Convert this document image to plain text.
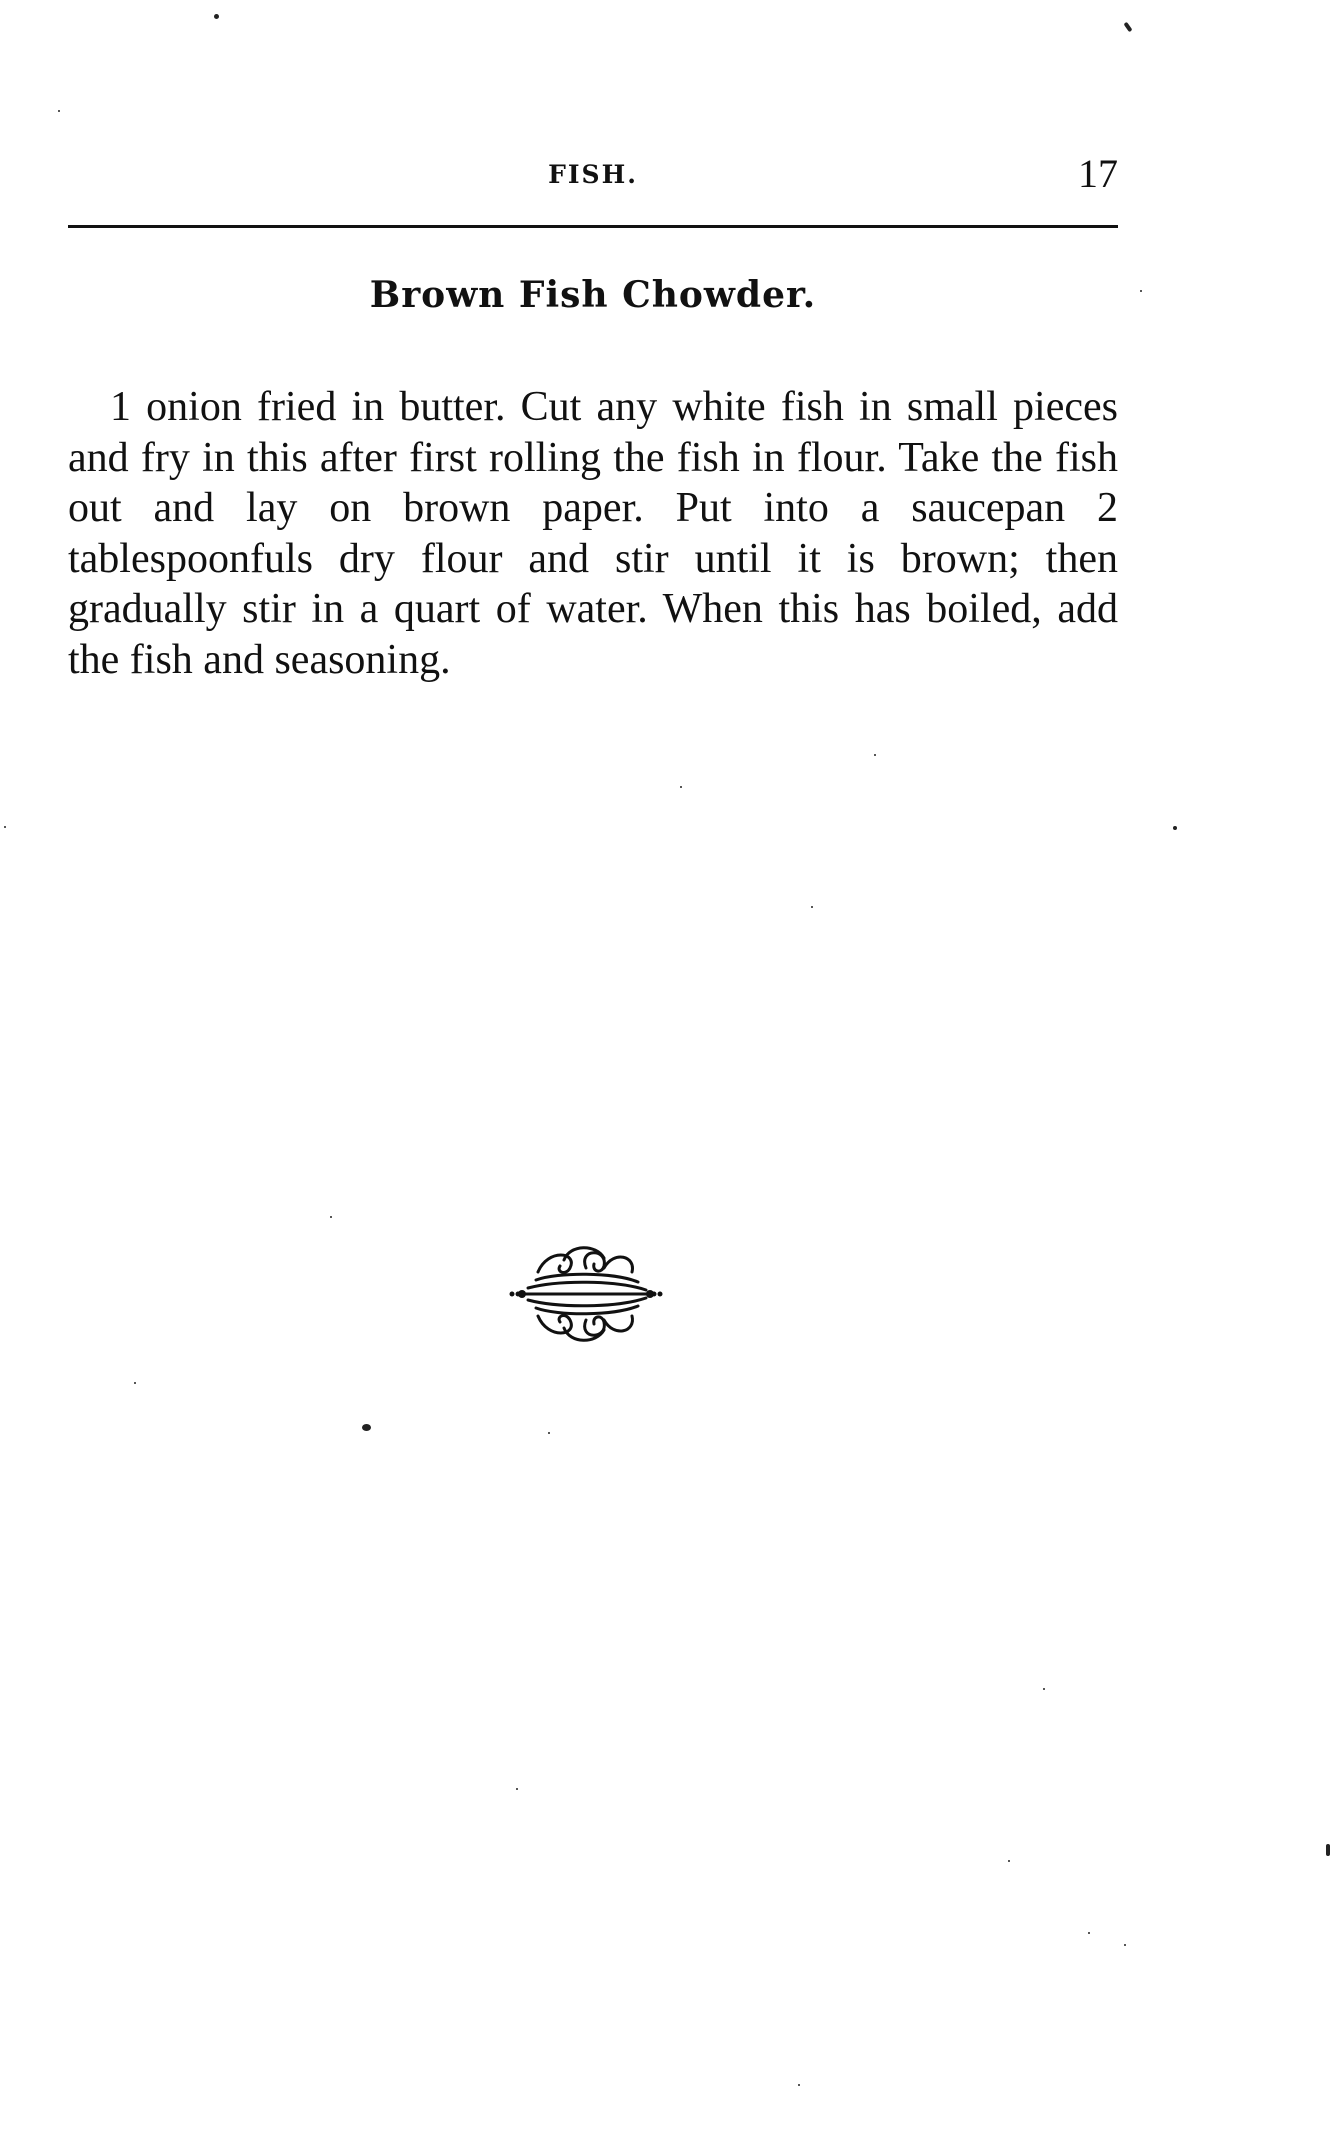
FISH.	17
Brown Fish Chowder.

1 onion fried in butter. Cut any white fish in small pieces and fry in this after first rolling the fish in flour. Take the fish out and lay on brown paper. Put into a saucepan 2 tablespoonfuls dry flour and stir until it is brown; then gradually stir in a quart of water. When this has boiled, add the fish and seasoning.
